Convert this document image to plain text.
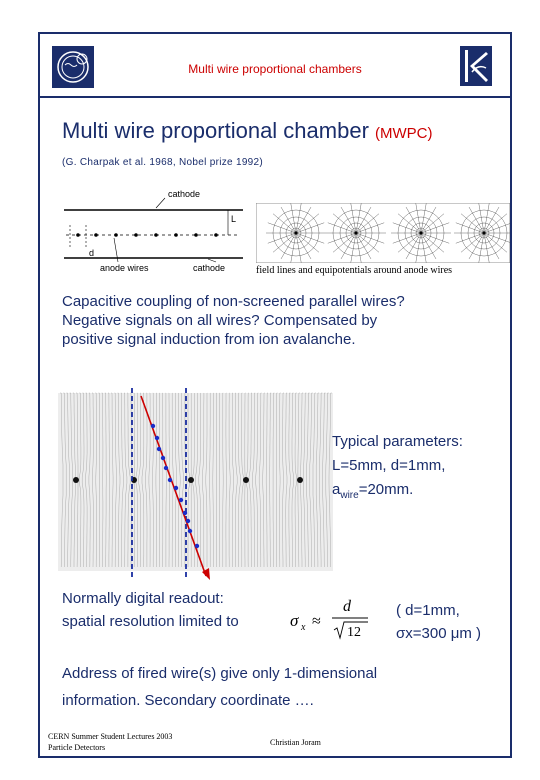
Multi wire proportional chambers
Multi wire proportional chamber (MWPC)
(G. Charpak et al. 1968, Nobel prize 1992)
cathode
L
d
anode wires	cathode	field lines and equipotentials around anode wires
Capacitive coupling of non-screened parallel wires?
Negative signals on all wires? Compensated by
positive signal induction from ion avalanche.
Typical parameters:
L=5mm, d=1mm,
$a_{wire}=20mm$.
Normally digital readout:
spatial resolution limited to	σ x ≈
d
12
( d=1mm,
σx=300 μm )
Address of fired wire(s) give only 1-dimensional
information. Secondary coordinate ….
CERN Summer Student Lectures 2003
Particle Detectors
Christian Joram
